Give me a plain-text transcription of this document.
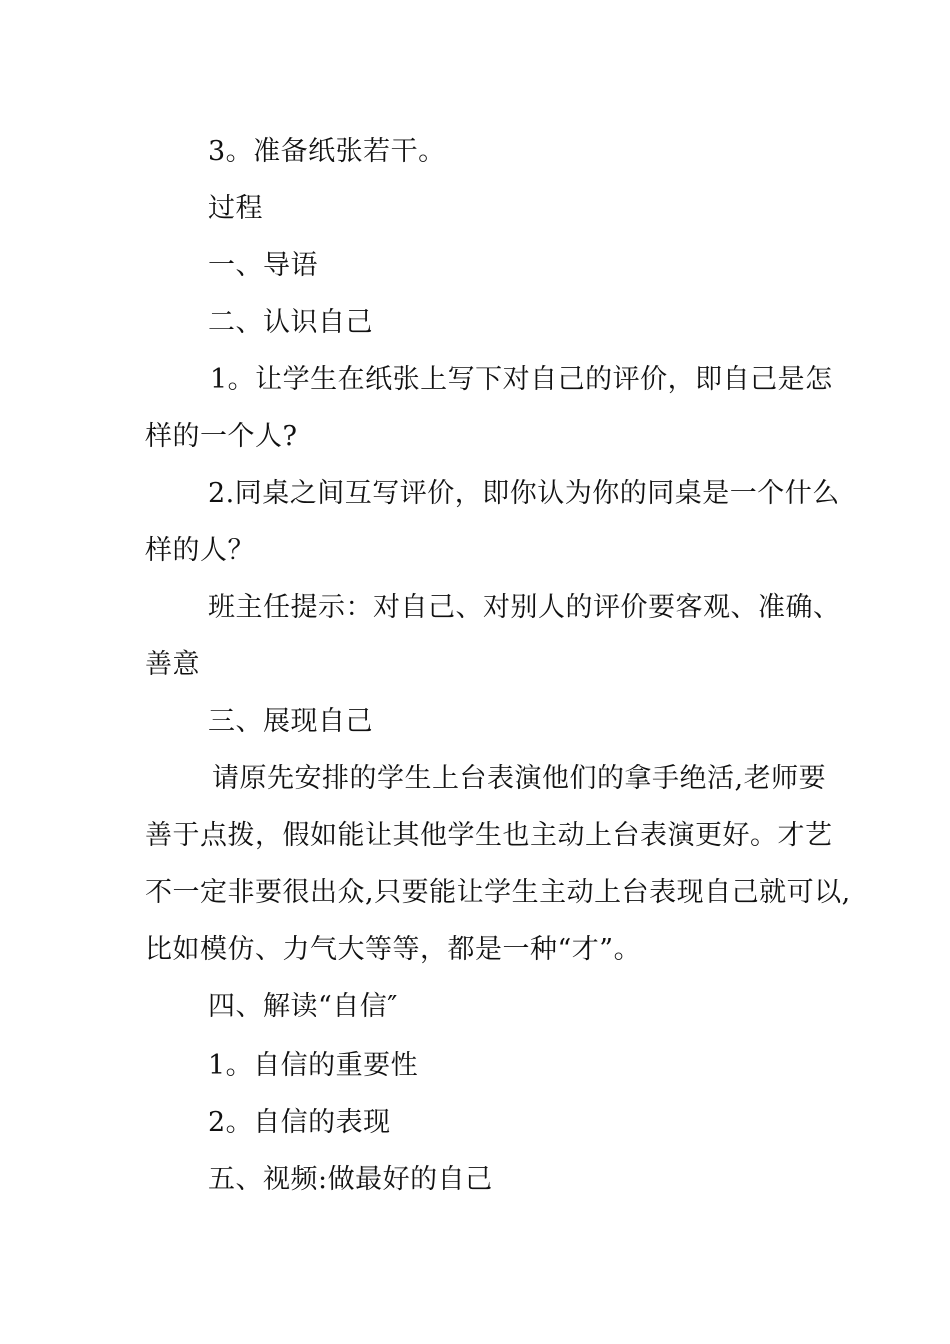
3。准备纸张若干。
过程
一、导语
二、认识自己
1。让学生在纸张上写下对自己的评价，即自己是怎
样的一个人?
2.同桌之间互写评价，即你认为你的同桌是一个什么
样的人？
班主任提示：对自己、对别人的评价要客观、准确、
善意
三、展现自己
请原先安排的学生上台表演他们的拿手绝活,老师要
善于点拨，假如能让其他学生也主动上台表演更好。才艺
不一定非要很出众,只要能让学生主动上台表现自己就可以,
比如模仿、力气大等等，都是一种“才”。
四、解读“自信″
1。自信的重要性
2。自信的表现
五、视频:做最好的自己
